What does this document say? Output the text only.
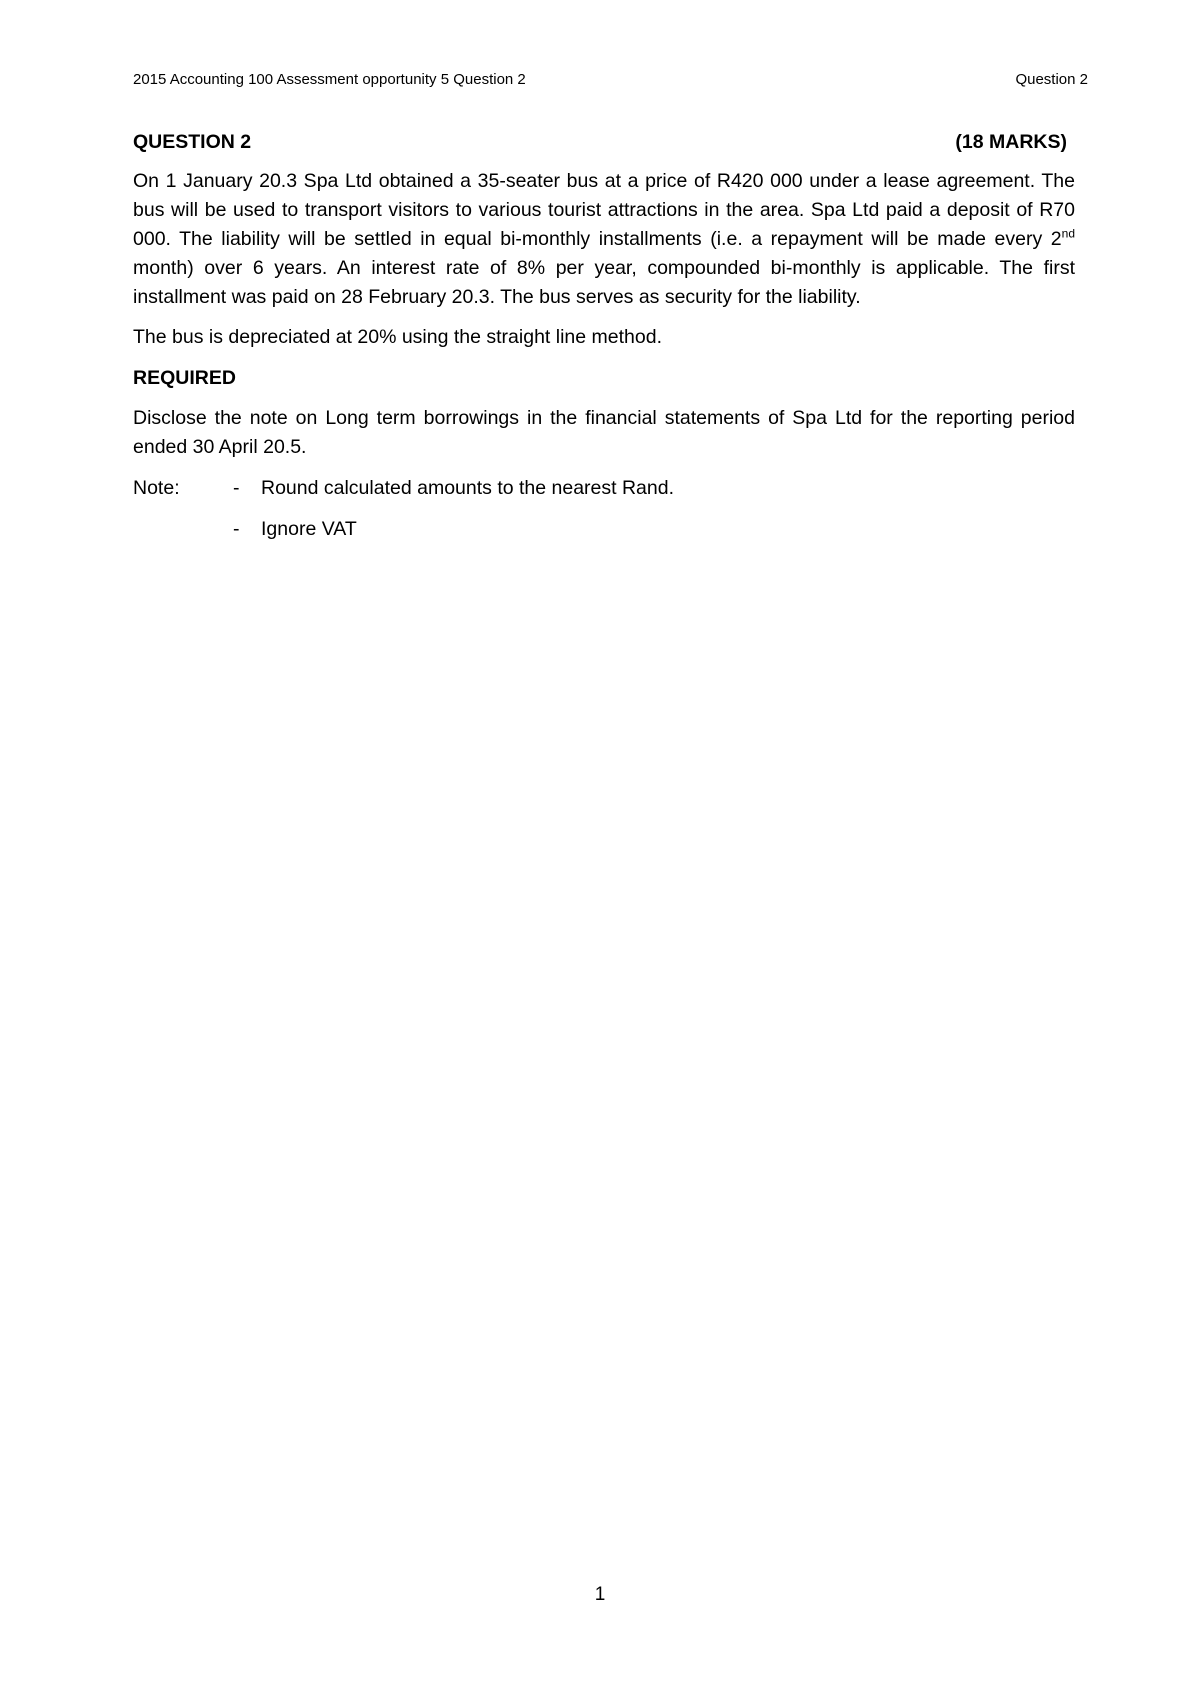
2015 Accounting 100 Assessment opportunity 5 Question 2	Question 2
QUESTION 2	(18 MARKS)

On 1 January 20.3 Spa Ltd obtained a 35-seater bus at a price of R420 000 under a lease agreement. The bus will be used to transport visitors to various tourist attractions in the area. Spa Ltd paid a deposit of R70 000. The liability will be settled in equal bi-monthly installments (i.e. a repayment will be made every 2nd month) over 6 years. An interest rate of 8% per year, compounded bi-monthly is applicable. The first installment was paid on 28 February 20.3. The bus serves as security for the liability.

The bus is depreciated at 20% using the straight line method.

REQUIRED

Disclose the note on Long term borrowings in the financial statements of Spa Ltd for the reporting period ended 30 April 20.5.

Note:	-	Round calculated amounts to the nearest Rand.
-	Ignore VAT
1
